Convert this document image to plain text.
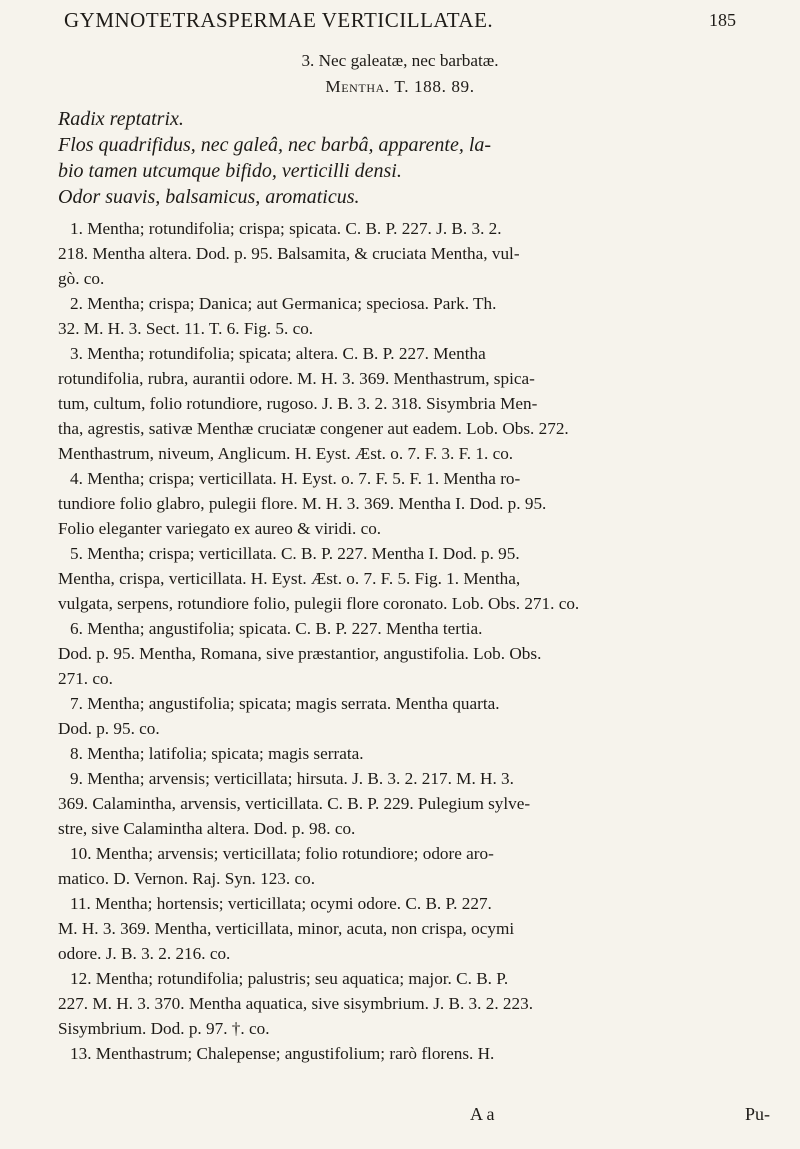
GYMNOTETRASPERMAE VERTICILLATAE.	185
3. Nec galeatæ, nec barbatæ.
Mentha. T. 188. 89.
Radix reptatrix.
Flos quadrifidus, nec galeâ, nec barbâ, apparente, la-
bio tamen utcumque bifido, verticilli densi.
Odor suavis, balsamicus, aromaticus.
1. Mentha; rotundifolia; crispa; spicata. C. B. P. 227. J. B. 3. 2.
218. Mentha altera. Dod. p. 95. Balsamita, & cruciata Mentha, vul-
gò. co.
2. Mentha; crispa; Danica; aut Germanica; speciosa. Park. Th.
32. M. H. 3. Sect. 11. T. 6. Fig. 5. co.
3. Mentha; rotundifolia; spicata; altera. C. B. P. 227. Mentha
rotundifolia, rubra, aurantii odore. M. H. 3. 369. Menthastrum, spica-
tum, cultum, folio rotundiore, rugoso. J. B. 3. 2. 318. Sisymbria Men-
tha, agrestis, sativæ Menthæ cruciatæ congener aut eadem. Lob. Obs. 272.
Menthastrum, niveum, Anglicum. H. Eyst. Æst. o. 7. F. 3. F. 1. co.
4. Mentha; crispa; verticillata. H. Eyst. o. 7. F. 5. F. 1. Mentha ro-
tundiore folio glabro, pulegii flore. M. H. 3. 369. Mentha I. Dod. p. 95.
Folio eleganter variegato ex aureo & viridi. co.
5. Mentha; crispa; verticillata. C. B. P. 227. Mentha I. Dod. p. 95.
Mentha, crispa, verticillata. H. Eyst. Æst. o. 7. F. 5. Fig. 1. Mentha,
vulgata, serpens, rotundiore folio, pulegii flore coronato. Lob. Obs. 271. co.
6. Mentha; angustifolia; spicata. C. B. P. 227. Mentha tertia.
Dod. p. 95. Mentha, Romana, sive præstantior, angustifolia. Lob. Obs.
271. co.
7. Mentha; angustifolia; spicata; magis serrata. Mentha quarta.
Dod. p. 95. co.
8. Mentha; latifolia; spicata; magis serrata.
9. Mentha; arvensis; verticillata; hirsuta. J. B. 3. 2. 217. M. H. 3.
369. Calamintha, arvensis, verticillata. C. B. P. 229. Pulegium sylve-
stre, sive Calamintha altera. Dod. p. 98. co.
10. Mentha; arvensis; verticillata; folio rotundiore; odore aro-
matico. D. Vernon. Raj. Syn. 123. co.
11. Mentha; hortensis; verticillata; ocymi odore. C. B. P. 227.
M. H. 3. 369. Mentha, verticillata, minor, acuta, non crispa, ocymi
odore. J. B. 3. 2. 216. co.
12. Mentha; rotundifolia; palustris; seu aquatica; major. C. B. P.
227. M. H. 3. 370. Mentha aquatica, sive sisymbrium. J. B. 3. 2. 223.
Sisymbrium. Dod. p. 97. †. co.
13. Menthastrum; Chalepense; angustifolium; rarò florens. H.
A a	Pu-
